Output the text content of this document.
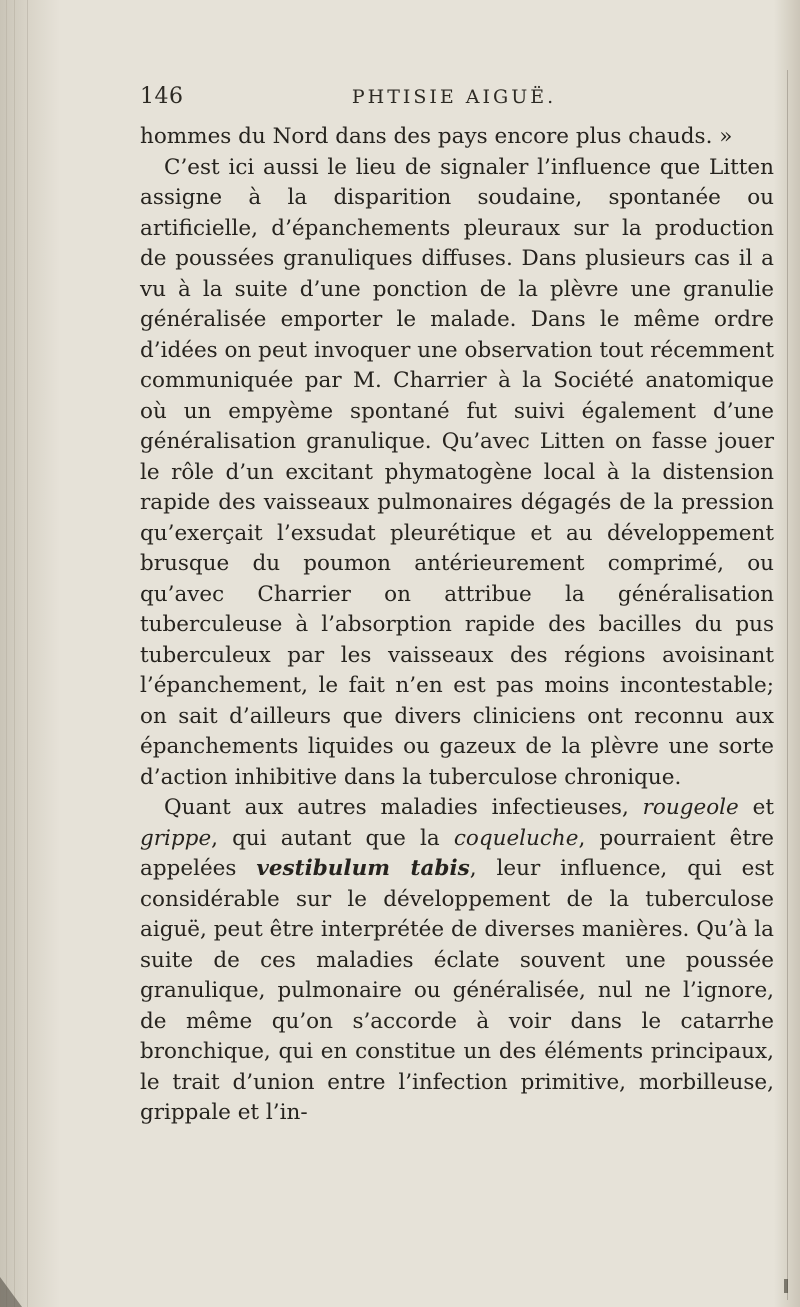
146	PHTISIE AIGUË.

hommes du Nord dans des pays encore plus chauds. »

C’est ici aussi le lieu de signaler l’influence que Litten assigne à la disparition soudaine, spontanée ou artificielle, d’épanchements pleuraux sur la production de poussées granuliques diffuses. Dans plusieurs cas il a vu à la suite d’une ponction de la plèvre une granulie généralisée emporter le malade. Dans le même ordre d’idées on peut invoquer une observation tout récemment communiquée par M. Charrier à la Société anatomique où un empyème spontané fut suivi également d’une généralisation granulique. Qu’avec Litten on fasse jouer le rôle d’un excitant phymatogène local à la distension rapide des vaisseaux pulmonaires dégagés de la pression qu’exerçait l’exsudat pleurétique et au développement brusque du poumon antérieurement comprimé, ou qu’avec Charrier on attribue la généralisation tuberculeuse à l’absorption rapide des bacilles du pus tuberculeux par les vaisseaux des régions avoisinant l’épanchement, le fait n’en est pas moins incontestable; on sait d’ailleurs que divers cliniciens ont reconnu aux épanchements liquides ou gazeux de la plèvre une sorte d’action inhibitive dans la tuberculose chronique.

Quant aux autres maladies infectieuses, rougeole et grippe, qui autant que la coqueluche, pourraient être appelées vestibulum tabis, leur influence, qui est considérable sur le développement de la tuberculose aiguë, peut être interprétée de diverses manières. Qu’à la suite de ces maladies éclate souvent une poussée granulique, pulmonaire ou généralisée, nul ne l’ignore, de même qu’on s’accorde à voir dans le catarrhe bronchique, qui en constitue un des éléments principaux, le trait d’union entre l’infection primitive, morbilleuse, grippale et l’in-
